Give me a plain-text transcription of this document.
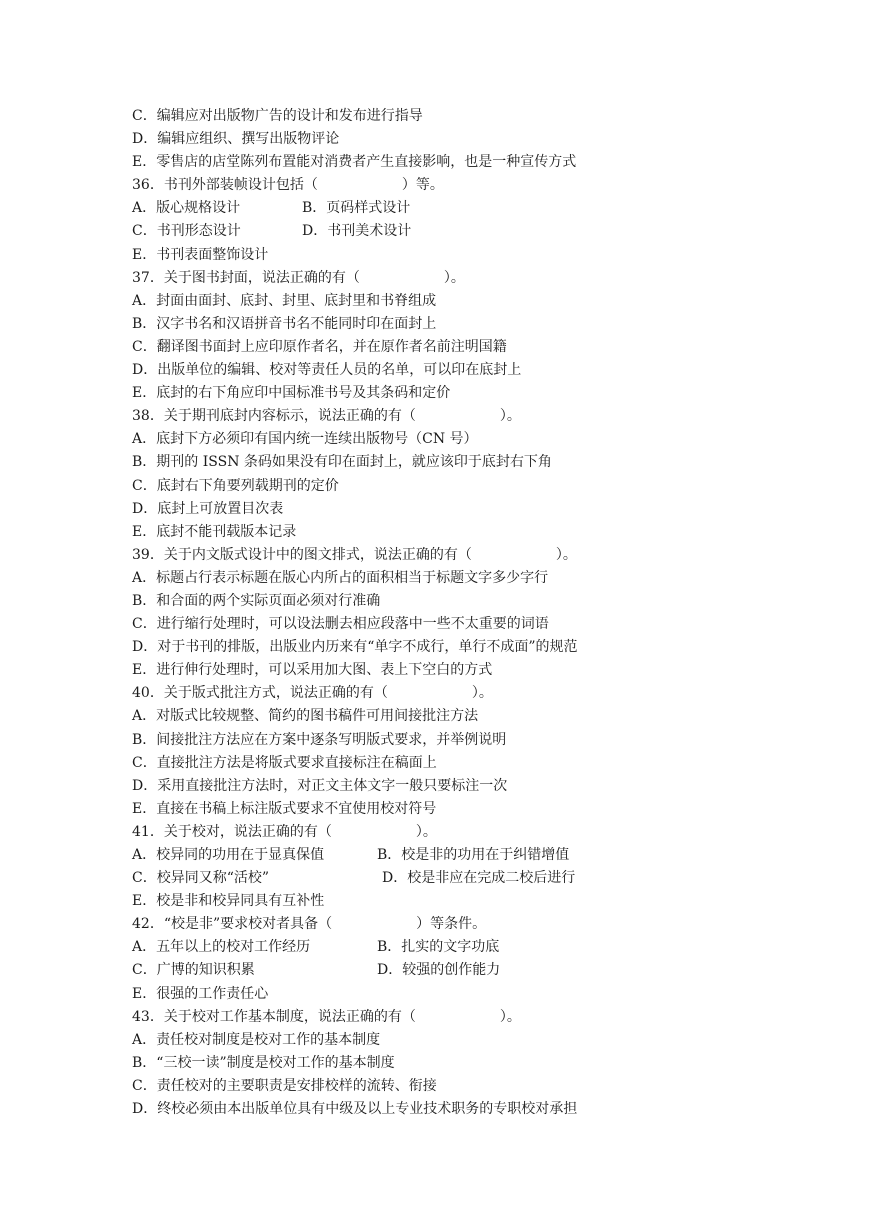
C．编辑应对出版物广告的设计和发布进行指导
D．编辑应组织、撰写出版物评论
E．零售店的店堂陈列布置能对消费者产生直接影响，也是一种宣传方式
36．书刊外部装帧设计包括（　　　　　　）等。
A．版心规格设计	B．页码样式设计
C．书刊形态设计	D．书刊美术设计
E．书刊表面整饰设计
37．关于图书封面，说法正确的有（　　　　　　）。
A．封面由面封、底封、封里、底封里和书脊组成
B．汉字书名和汉语拼音书名不能同时印在面封上
C．翻译图书面封上应印原作者名，并在原作者名前注明国籍
D．出版单位的编辑、校对等责任人员的名单，可以印在底封上
E．底封的右下角应印中国标准书号及其条码和定价
38．关于期刊底封内容标示，说法正确的有（　　　　　　）。
A．底封下方必须印有国内统一连续出版物号（CN 号）
B．期刊的 ISSN 条码如果没有印在面封上，就应该印于底封右下角
C．底封右下角要列载期刊的定价
D．底封上可放置目次表
E．底封不能刊载版本记录
39．关于内文版式设计中的图文排式，说法正确的有（　　　　　　）。
A．标题占行表示标题在版心内所占的面积相当于标题文字多少字行
B．和合面的两个实际页面必须对行准确
C．进行缩行处理时，可以设法删去相应段落中一些不太重要的词语
D．对于书刊的排版，出版业内历来有“单字不成行，单行不成面”的规范
E．进行伸行处理时，可以采用加大图、表上下空白的方式
40．关于版式批注方式，说法正确的有（　　　　　　）。
A．对版式比较规整、简约的图书稿件可用间接批注方法
B．间接批注方法应在方案中逐条写明版式要求，并举例说明
C．直接批注方法是将版式要求直接标注在稿面上
D．采用直接批注方法时，对正文主体文字一般只要标注一次
E．直接在书稿上标注版式要求不宜使用校对符号
41．关于校对，说法正确的有（　　　　　　）。
A．校异同的功用在于显真保值	B．校是非的功用在于纠错增值
C．校异同又称“活校”	D．校是非应在完成二校后进行
E．校是非和校异同具有互补性
42．“校是非”要求校对者具备（　　　　　　）等条件。
A．五年以上的校对工作经历	B．扎实的文字功底
C．广博的知识积累	D．较强的创作能力
E．很强的工作责任心
43．关于校对工作基本制度，说法正确的有（　　　　　　）。
A．责任校对制度是校对工作的基本制度
B．“三校一读”制度是校对工作的基本制度
C．责任校对的主要职责是安排校样的流转、衔接
D．终校必须由本出版单位具有中级及以上专业技术职务的专职校对承担
